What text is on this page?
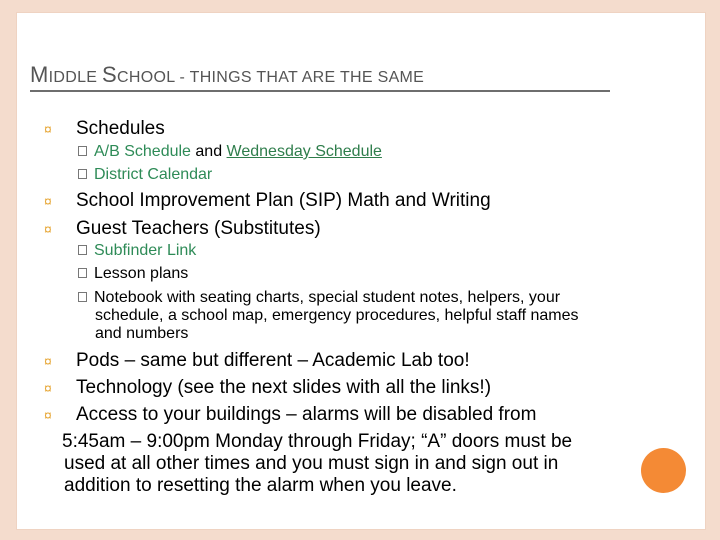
MIDDLE SCHOOL - THINGS THAT ARE THE SAME
¤ Schedules
A/B Schedule and Wednesday Schedule
District Calendar
¤ School Improvement Plan (SIP) Math and Writing
¤ Guest Teachers (Substitutes)
Subfinder Link
Lesson plans
Notebook with seating charts, special student notes, helpers, your
schedule, a school map, emergency procedures, helpful staff names
and numbers
¤ Pods – same but different – Academic Lab too!
¤ Technology (see the next slides with all the links!)
¤ Access to your buildings – alarms will be disabled from
5:45am – 9:00pm Monday through Friday; “A” doors must be
used at all other times and you must sign in and sign out in
addition to resetting the alarm when you leave.
